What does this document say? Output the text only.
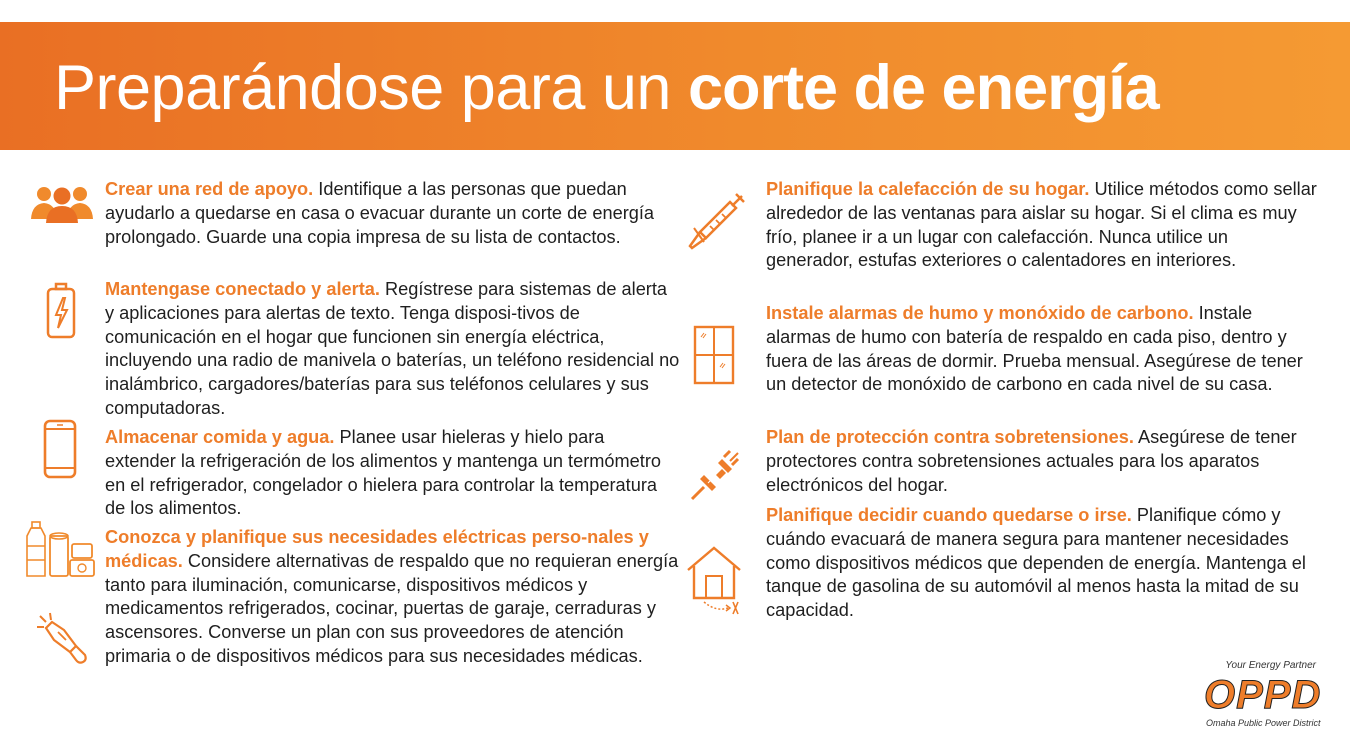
Preparándose para un corte de energía

Crear una red de apoyo. Identifique a las personas que puedan ayudarlo a quedarse en casa o evacuar durante un corte de energía prolongado. Guarde una copia impresa de su lista de contactos.

Mantengase conectado y alerta. Regístrese para sistemas de alerta y aplicaciones para alertas de texto. Tenga disposi-tivos de comunicación en el hogar que funcionen sin energía eléctrica, incluyendo una radio de manivela o baterías, un teléfono residencial no inalámbrico, cargadores/baterías para sus teléfonos celulares y sus computadoras.

Almacenar comida y agua. Planee usar hieleras y hielo para extender la refrigeración de los alimentos y mantenga un termómetro en el refrigerador, congelador o hielera para controlar la temperatura de los alimentos.

Conozca y planifique sus necesidades eléctricas perso-nales y médicas. Considere alternativas de respaldo que no requieran energía tanto para iluminación, comunicarse, dispositivos médicos y medicamentos refrigerados, cocinar, puertas de garaje, cerraduras y ascensores. Converse un plan con sus proveedores de atención primaria o de dispositivos médicos para sus necesidades médicas.

Planifique la calefacción de su hogar. Utilice métodos como sellar alrededor de las ventanas para aislar su hogar. Si el clima es muy frío, planee ir a un lugar con calefacción. Nunca utilice un generador, estufas exteriores o calentadores en interiores.

Instale alarmas de humo y monóxido de carbono. Instale alarmas de humo con batería de respaldo en cada piso, dentro y fuera de las áreas de dormir. Prueba mensual. Asegúrese de tener un detector de monóxido de carbono en cada nivel de su casa.

Plan de protección contra sobretensiones. Asegúrese de tener protectores contra sobretensiones actuales para los aparatos electrónicos del hogar.

Planifique decidir cuando quedarse o irse. Planifique cómo y cuándo evacuará de manera segura para mantener necesidades como dispositivos médicos que dependen de energía. Mantenga el tanque de gasolina de su automóvil al menos hasta la mitad de su capacidad.

Your Energy Partner
OPPD
Omaha Public Power District
